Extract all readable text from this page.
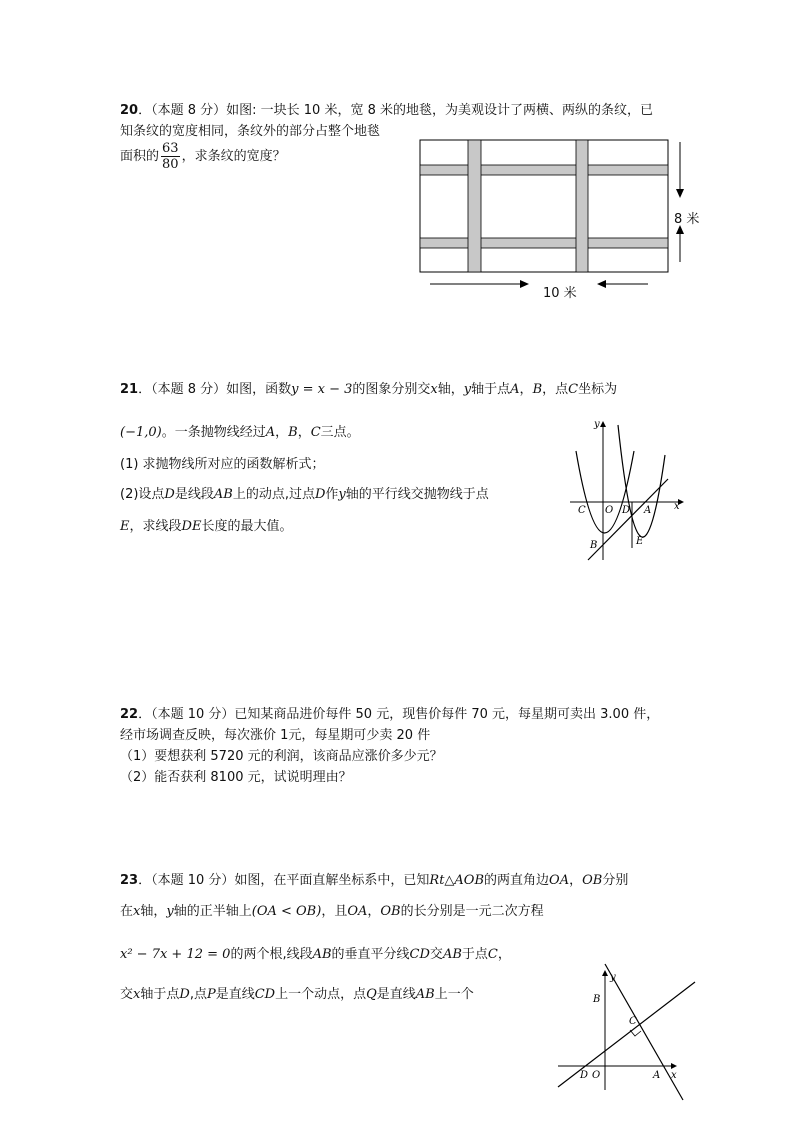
20．（本题 8 分）如图: 一块长 10 米，宽 8 米的地毯，为美观设计了两横、两纵的条纹，已
知条纹的宽度相同，条纹外的部分占整个地毯
面积的 $\frac{63}{80}$ ，求条纹的宽度？
8 米
10 米
21．（本题 8 分）如图，函数y = x − 3的图象分别交x轴，y轴于点A，B，点C坐标为
(−1,0)。一条抛物线经过A，B，C三点。
(1) 求抛物线所对应的函数解析式；
(2)设点D是线段AB上的动点,过点D作y轴的平行线交抛物线于点
E，求线段DE长度的最大值。
y
x
C O D A
B	E
22．（本题 10 分）已知某商品进价每件 50 元，现售价每件 70 元，每星期可卖出 3.00 件，
经市场调查反映，每次涨价 1元，每星期可少卖 20 件
（1）要想获利 5720 元的利润，该商品应涨价多少元？
（2）能否获利 8100 元，试说明理由？
23．（本题 10 分）如图，在平面直解坐标系中，已知Rt△AOB的两直角边OA，OB分别
在x轴，y轴的正半轴上(OA < OB)，且OA，OB的长分别是一元二次方程
x² − 7x + 12 = 0的两个根,线段AB的垂直平分线CD交AB于点C，
交x轴于点D,点P是直线CD上一个动点，点Q是直线AB上一个
y
x
B
C
D O	A
